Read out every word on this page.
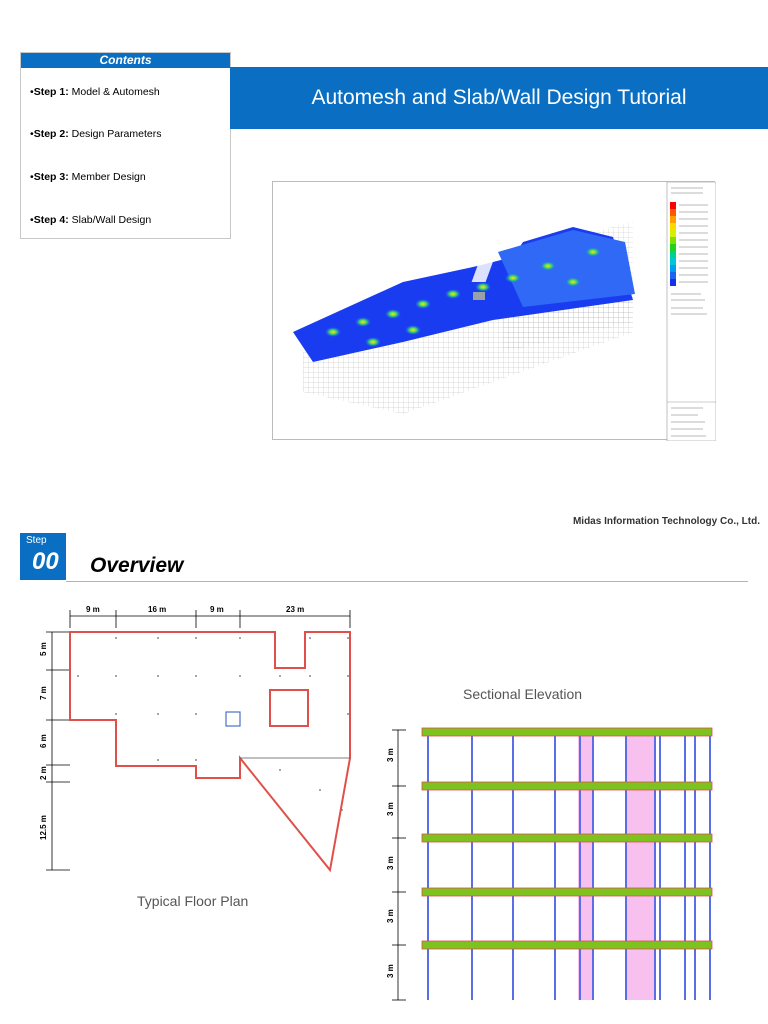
Contents
•Step 1: Model & Automesh
•Step 2: Design Parameters
•Step 3: Member Design
•Step 4: Slab/Wall Design
Automesh and Slab/Wall Design Tutorial
Midas Information Technology Co., Ltd.
Step
00 Overview
9 m	16 m	9 m	23 m
5 m
7 m
6 m
2 m
12.5 m
Typical Floor Plan
Sectional Elevation
3 m
3 m
3 m
3 m
3 m
